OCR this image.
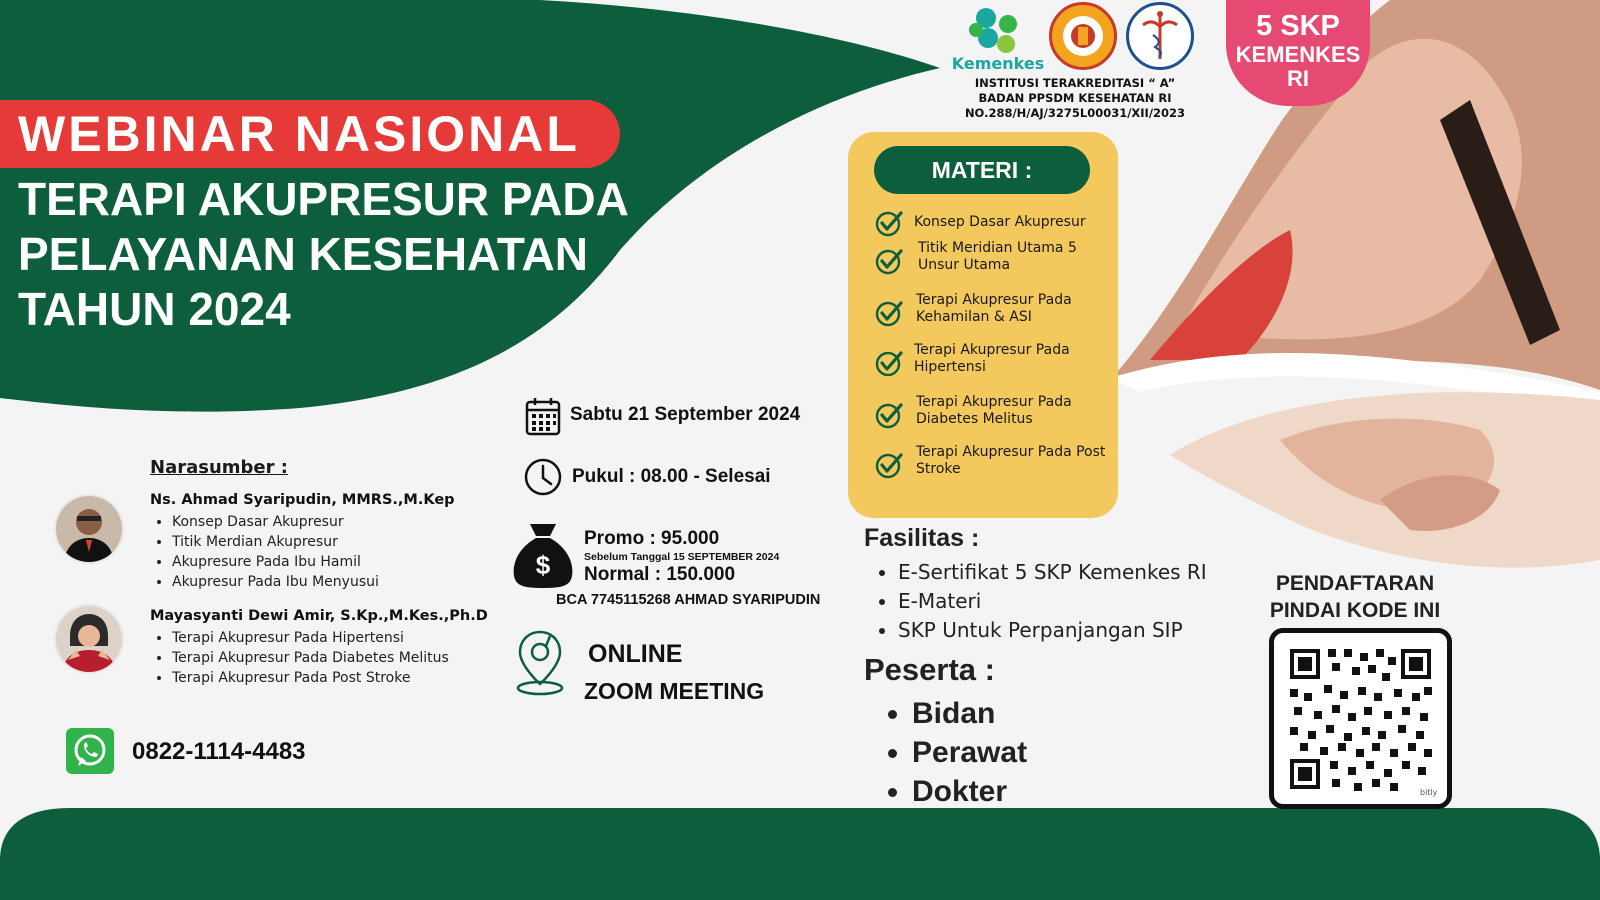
Kemenkes
INSTITUSI TERAKREDITASI “ A”
BADAN PPSDM KESEHATAN RI
NO.288/H/AJ/3275L00031/XII/2023
5 SKP
KEMENKES
RI
WEBINAR NASIONAL
TERAPI AKUPRESUR PADA
PELAYANAN KESEHATAN
TAHUN 2024
MATERI :
Konsep Dasar Akupresur
Titik Meridian Utama 5 Unsur Utama
Terapi Akupresur Pada Kehamilan & ASI
Terapi Akupresur Pada Hipertensi
Terapi Akupresur Pada Diabetes Melitus
Terapi Akupresur Pada Post Stroke
Narasumber :
Ns. Ahmad Syaripudin, MMRS.,M.Kep
• Konsep Dasar Akupresur
• Titik Merdian Akupresur
• Akupresure Pada Ibu Hamil
• Akupresur Pada Ibu Menyusui
Mayasyanti Dewi Amir, S.Kp.,M.Kes.,Ph.D
• Terapi Akupresur Pada Hipertensi
• Terapi Akupresur Pada Diabetes Melitus
• Terapi Akupresur Pada Post Stroke
0822-1114-4483
Sabtu 21 September 2024
Pukul : 08.00 - Selesai
$
Promo : 95.000
Sebelum Tanggal 15 SEPTEMBER 2024
Normal : 150.000
BCA 7745115268 AHMAD SYARIPUDIN
ONLINE
ZOOM MEETING
Fasilitas :
• E-Sertifikat 5 SKP Kemenkes RI
• E-Materi
• SKP Untuk Perpanjangan SIP
Peserta :
• Bidan
• Perawat
• Dokter
PENDAFTARAN
PINDAI KODE INI
bitly
